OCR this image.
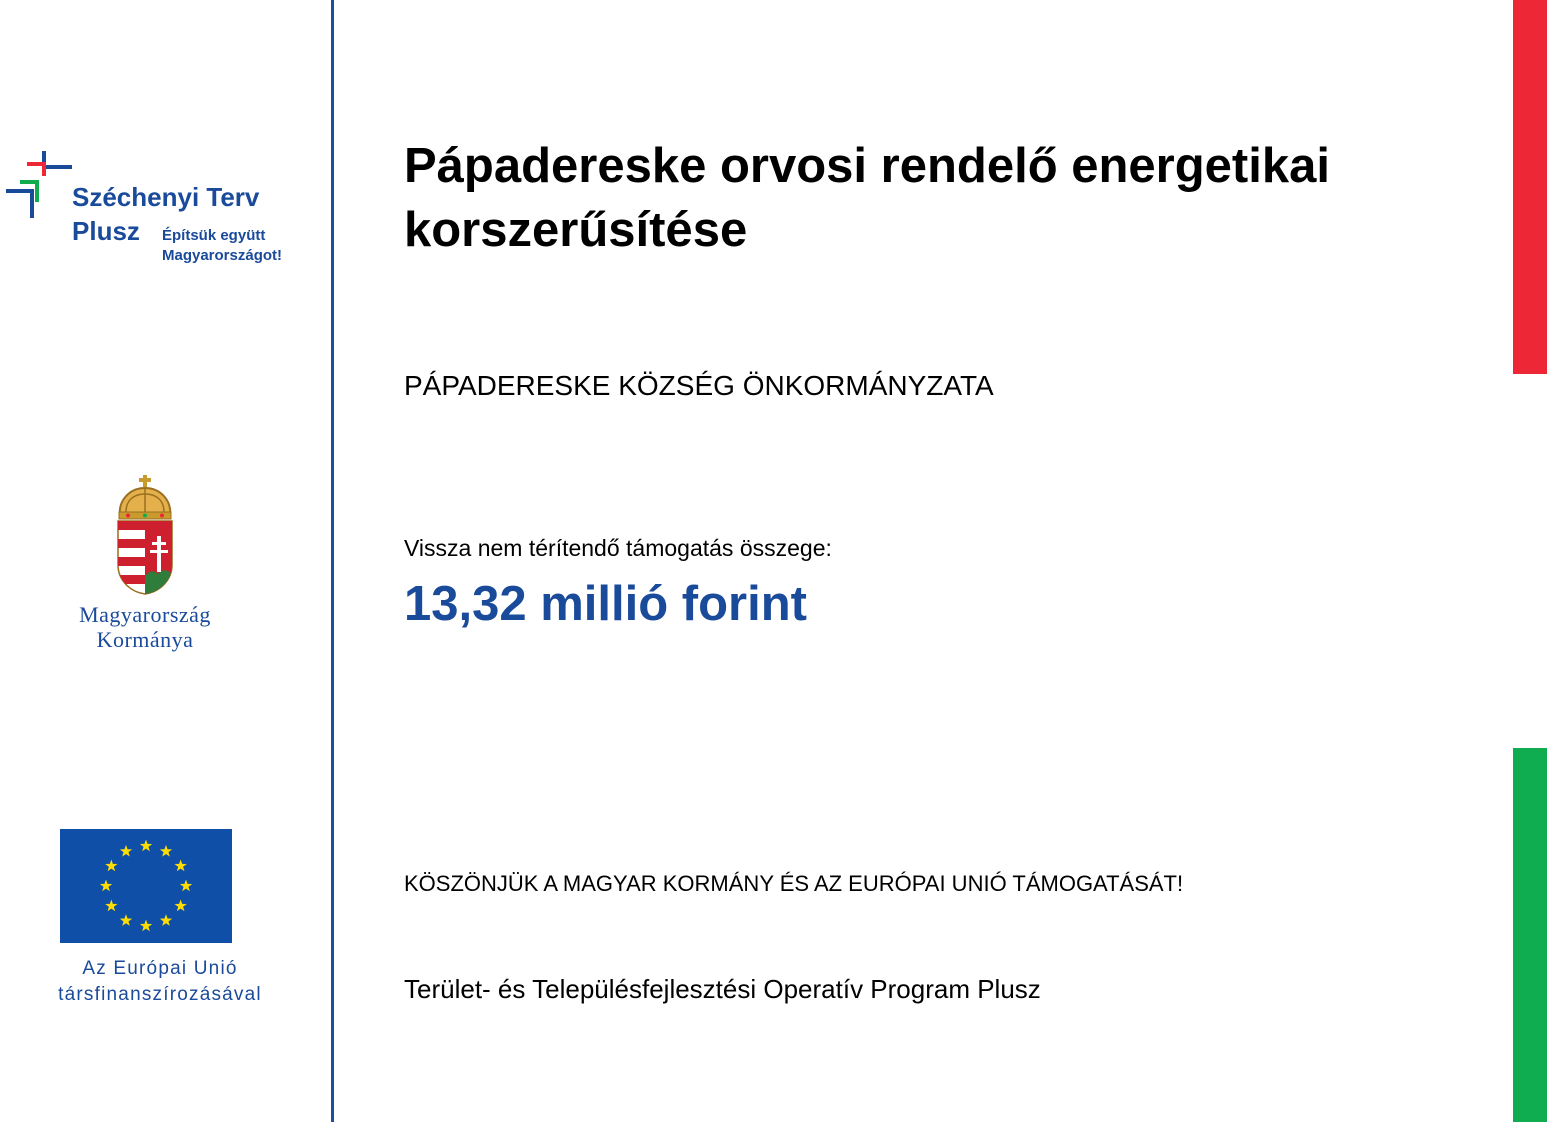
Széchenyi Terv
Plusz Építsük együtt
Magyarországot!
Magyarország
Kormánya
Az Európai Unió
társfinanszírozásával
Pápadereske orvosi rendelő energetikai korszerűsítése
PÁPADERESKE KÖZSÉG ÖNKORMÁNYZATA
Vissza nem térítendő támogatás összege:
13,32 millió forint
KÖSZÖNJÜK A MAGYAR KORMÁNY ÉS AZ EURÓPAI UNIÓ TÁMOGATÁSÁT!
Terület- és Településfejlesztési Operatív Program Plusz
